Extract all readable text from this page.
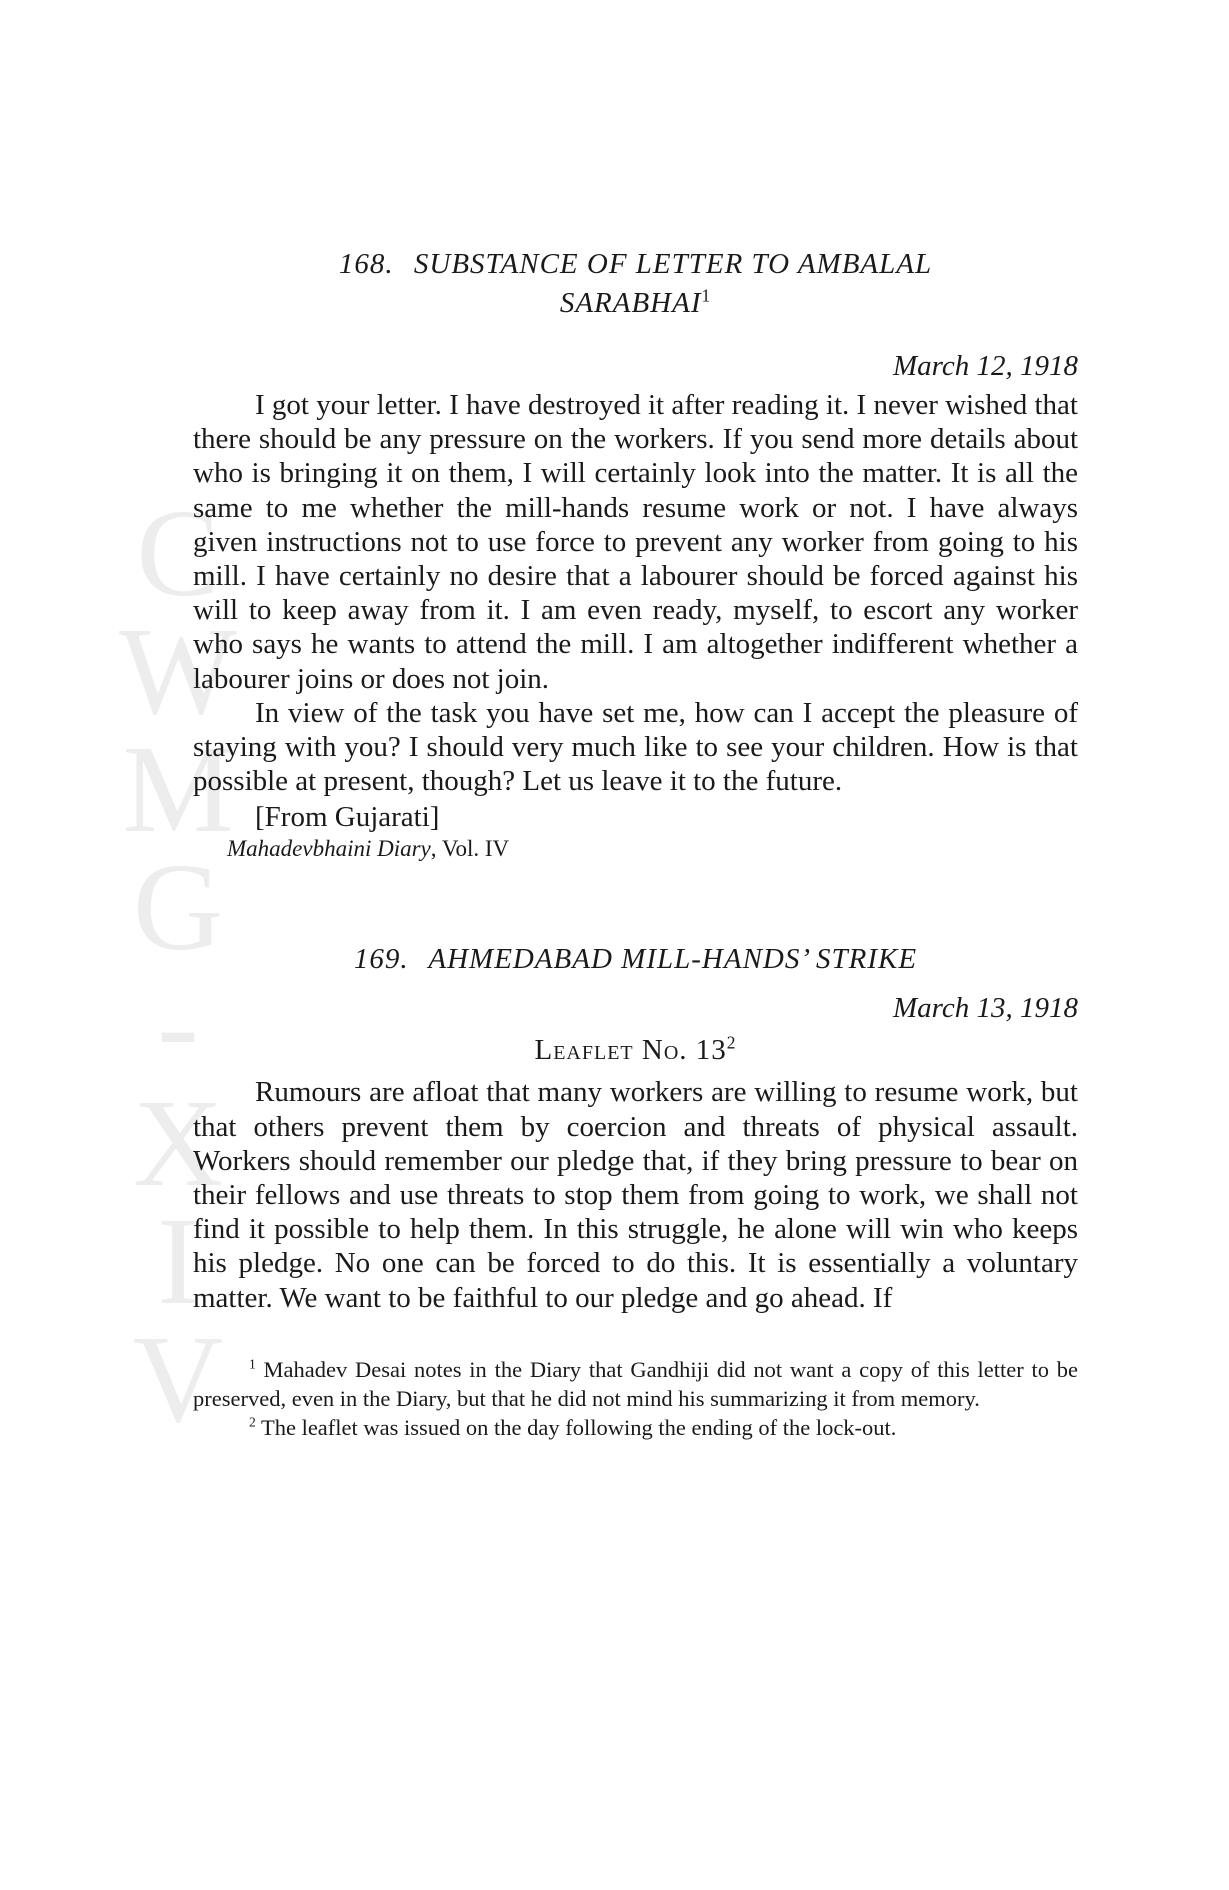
C
W
M
G
-
X
I
V

168. SUBSTANCE OF LETTER TO AMBALAL
SARABHAI$^1$

March 12, 1918

I got your letter. I have destroyed it after reading it. I never wished that there should be any pressure on the workers. If you send more details about who is bringing it on them, I will certainly look into the matter. It is all the same to me whether the mill-hands resume work or not. I have always given instructions not to use force to prevent any worker from going to his mill. I have certainly no desire that a labourer should be forced against his will to keep away from it. I am even ready, myself, to escort any worker who says he wants to attend the mill. I am altogether indifferent whether a labourer joins or does not join.

In view of the task you have set me, how can I accept the pleasure of staying with you? I should very much like to see your children. How is that possible at present, though? Let us leave it to the future.

[From Gujarati]

Mahadevbhaini Diary, Vol. IV

169. AHMEDABAD MILL-HANDS’ STRIKE

March 13, 1918

Leaflet No. $13^2$

Rumours are afloat that many workers are willing to resume work, but that others prevent them by coercion and threats of physical assault. Workers should remember our pledge that, if they bring pressure to bear on their fellows and use threats to stop them from going to work, we shall not find it possible to help them. In this struggle, he alone will win who keeps his pledge. No one can be forced to do this. It is essentially a voluntary matter. We want to be faithful to our pledge and go ahead. If

$^1$ Mahadev Desai notes in the Diary that Gandhiji did not want a copy of this letter to be preserved, even in the Diary, but that he did not mind his summarizing it from memory.

$^2$ The leaflet was issued on the day following the ending of the lock-out.
